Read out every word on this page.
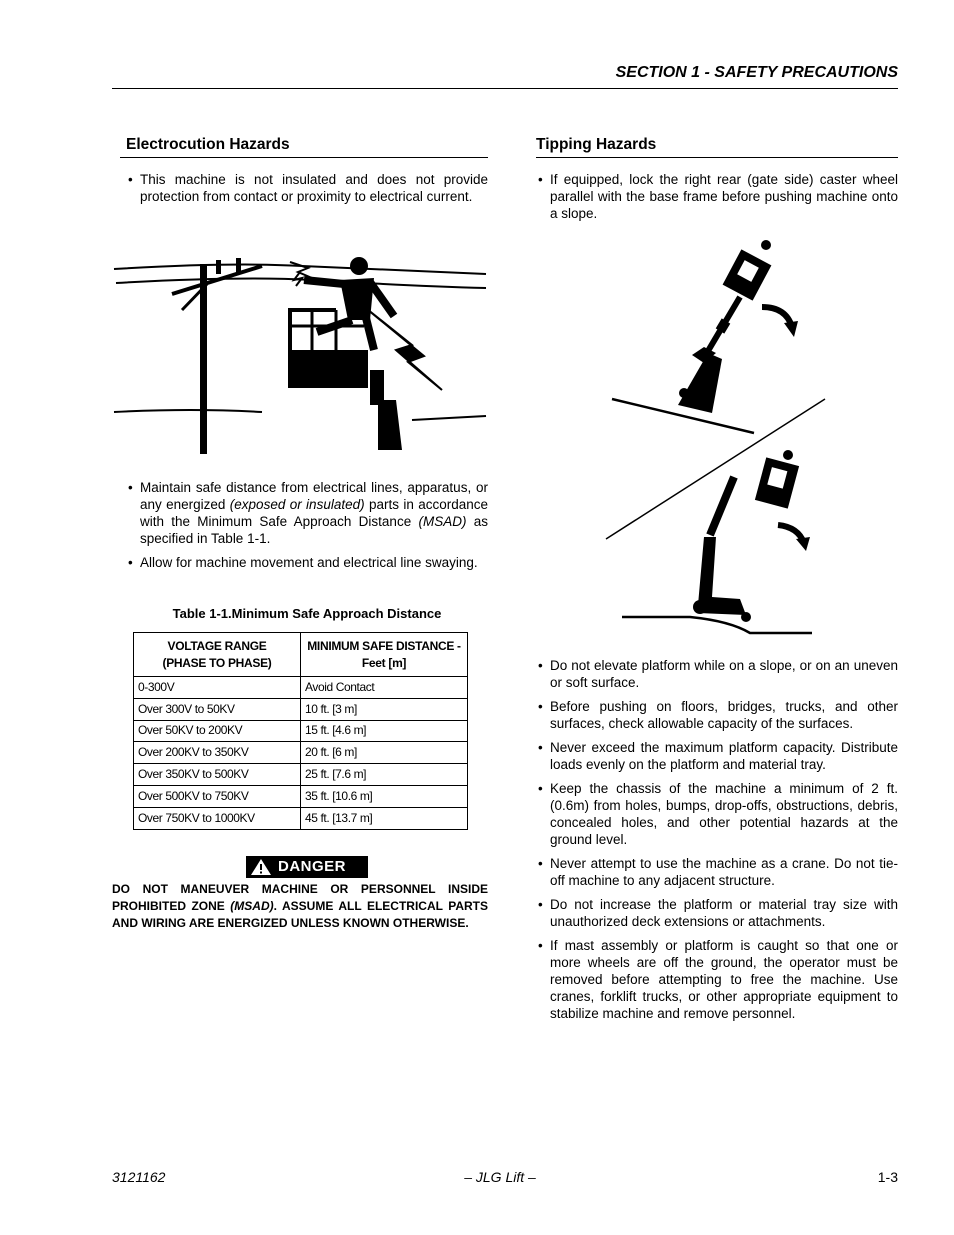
SECTION 1 - SAFETY PRECAUTIONS
Electrocution Hazards
• This machine is not insulated and does not provide protection from contact or proximity to electrical current.
• Maintain safe distance from electrical lines, apparatus, or any energized (exposed or insulated) parts in accordance with the Minimum Safe Approach Distance (MSAD) as specified in Table 1-1.
• Allow for machine movement and electrical line swaying.
Table 1-1.Minimum Safe Approach Distance
VOLTAGE RANGE
(PHASE TO PHASE)	MINIMUM SAFE DISTANCE -
Feet [m]
0-300V	Avoid Contact
Over 300V to 50KV	10 ft. [3 m]
Over 50KV to 200KV	15 ft. [4.6 m]
Over 200KV to 350KV	20 ft. [6 m]
Over 350KV to 500KV	25 ft. [7.6 m]
Over 500KV to 750KV	35 ft. [10.6 m]
Over 750KV to 1000KV	45 ft. [13.7 m]
DANGER
DO NOT MANEUVER MACHINE OR PERSONNEL INSIDE PROHIBITED ZONE (MSAD). ASSUME ALL ELECTRICAL PARTS AND WIRING ARE ENERGIZED UNLESS KNOWN OTHERWISE.
Tipping Hazards
• If equipped, lock the right rear (gate side) caster wheel parallel with the base frame before pushing machine onto a slope.
• Do not elevate platform while on a slope, or on an uneven or soft surface.
• Before pushing on floors, bridges, trucks, and other surfaces, check allowable capacity of the surfaces.
• Never exceed the maximum platform capacity. Distribute loads evenly on the platform and material tray.
• Keep the chassis of the machine a minimum of 2 ft. (0.6m) from holes, bumps, drop-offs, obstructions, debris, concealed holes, and other potential hazards at the ground level.
• Never attempt to use the machine as a crane. Do not tie-off machine to any adjacent structure.
• Do not increase the platform or material tray size with unauthorized deck extensions or attachments.
• If mast assembly or platform is caught so that one or more wheels are off the ground, the operator must be removed before attempting to free the machine. Use cranes, forklift trucks, or other appropriate equipment to stabilize machine and remove personnel.
3121162	– JLG Lift –	1-3
